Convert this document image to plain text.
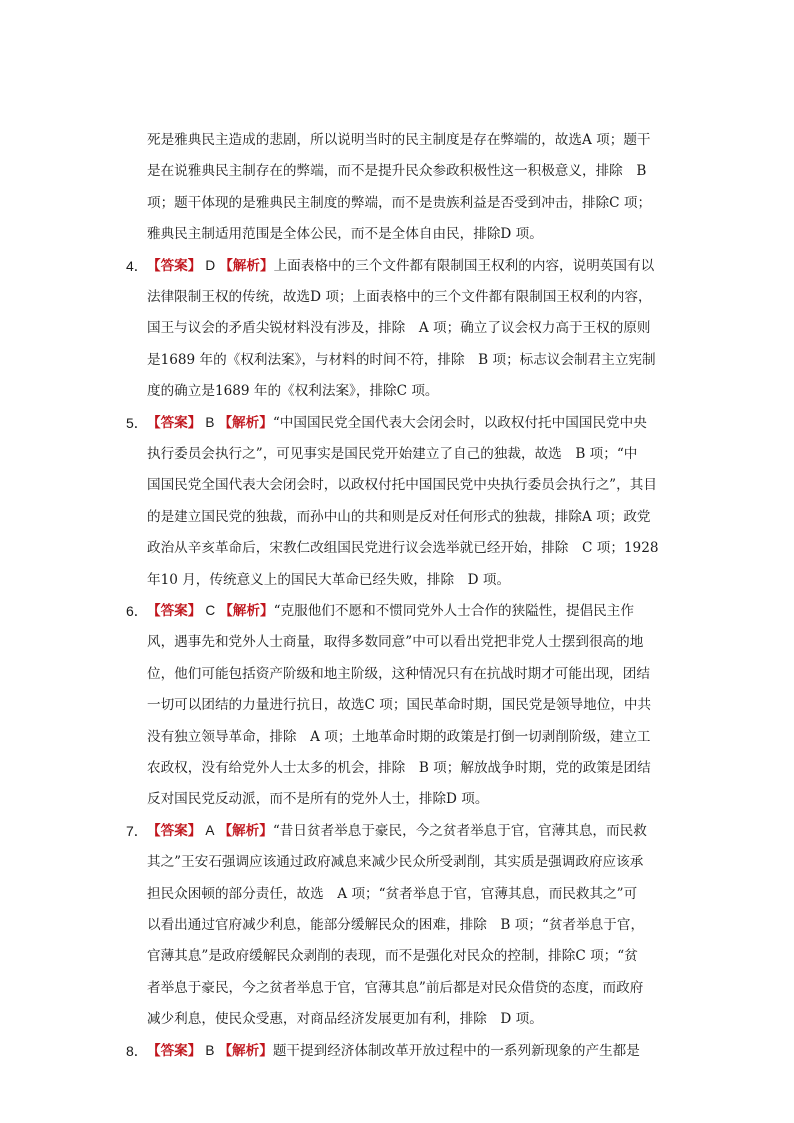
死是雅典民主造成的悲剧，所以说明当时的民主制度是存在弊端的，故选A 项；题干
是在说雅典民主制存在的弊端，而不是提升民众参政积极性这一积极意义，排除　B
项；题干体现的是雅典民主制度的弊端，而不是贵族利益是否受到冲击，排除C 项；
雅典民主制适用范围是全体公民，而不是全体自由民，排除D 项。
4． 【答案】 D 【解析】上面表格中的三个文件都有限制国王权利的内容，说明英国有以
法律限制王权的传统，故选D 项；上面表格中的三个文件都有限制国王权利的内容，
国王与议会的矛盾尖锐材料没有涉及，排除　A 项；确立了议会权力高于王权的原则
是1689 年的《权利法案》，与材料的时间不符，排除　B 项；标志议会制君主立宪制
度的确立是1689 年的《权利法案》，排除C 项。
5． 【答案】 B 【解析】“中国国民党全国代表大会闭会时，以政权付托中国国民党中央
执行委员会执行之”，可见事实是国民党开始建立了自己的独裁，故选　B 项；“中
国国民党全国代表大会闭会时，以政权付托中国国民党中央执行委员会执行之”，其目
的是建立国民党的独裁，而孙中山的共和则是反对任何形式的独裁，排除A 项；政党
政治从辛亥革命后，宋教仁改组国民党进行议会选举就已经开始，排除　C 项；1928
年10 月，传统意义上的国民大革命已经失败，排除　D 项。
6． 【答案】 C 【解析】“克服他们不愿和不惯同党外人士合作的狭隘性，提倡民主作
风，遇事先和党外人士商量，取得多数同意”中可以看出党把非党人士摆到很高的地
位，他们可能包括资产阶级和地主阶级，这种情况只有在抗战时期才可能出现，团结
一切可以团结的力量进行抗日，故选C 项；国民革命时期，国民党是领导地位，中共
没有独立领导革命，排除　A 项；土地革命时期的政策是打倒一切剥削阶级，建立工
农政权，没有给党外人士太多的机会，排除　B 项；解放战争时期，党的政策是团结
反对国民党反动派，而不是所有的党外人士，排除D 项。
7． 【答案】 A 【解析】“昔日贫者举息于豪民，今之贫者举息于官，官薄其息，而民救
其之”王安石强调应该通过政府减息来减少民众所受剥削，其实质是强调政府应该承
担民众困顿的部分责任，故选　A 项；“贫者举息于官，官薄其息，而民救其之”可
以看出通过官府减少利息，能部分缓解民众的困难，排除　B 项；“贫者举息于官，
官薄其息”是政府缓解民众剥削的表现，而不是强化对民众的控制，排除C 项；“贫
者举息于豪民，今之贫者举息于官，官薄其息”前后都是对民众借贷的态度，而政府
减少利息，使民众受惠，对商品经济发展更加有利，排除　D 项。
8． 【答案】 B 【解析】题干提到经济体制改革开放过程中的一系列新现象的产生都是
